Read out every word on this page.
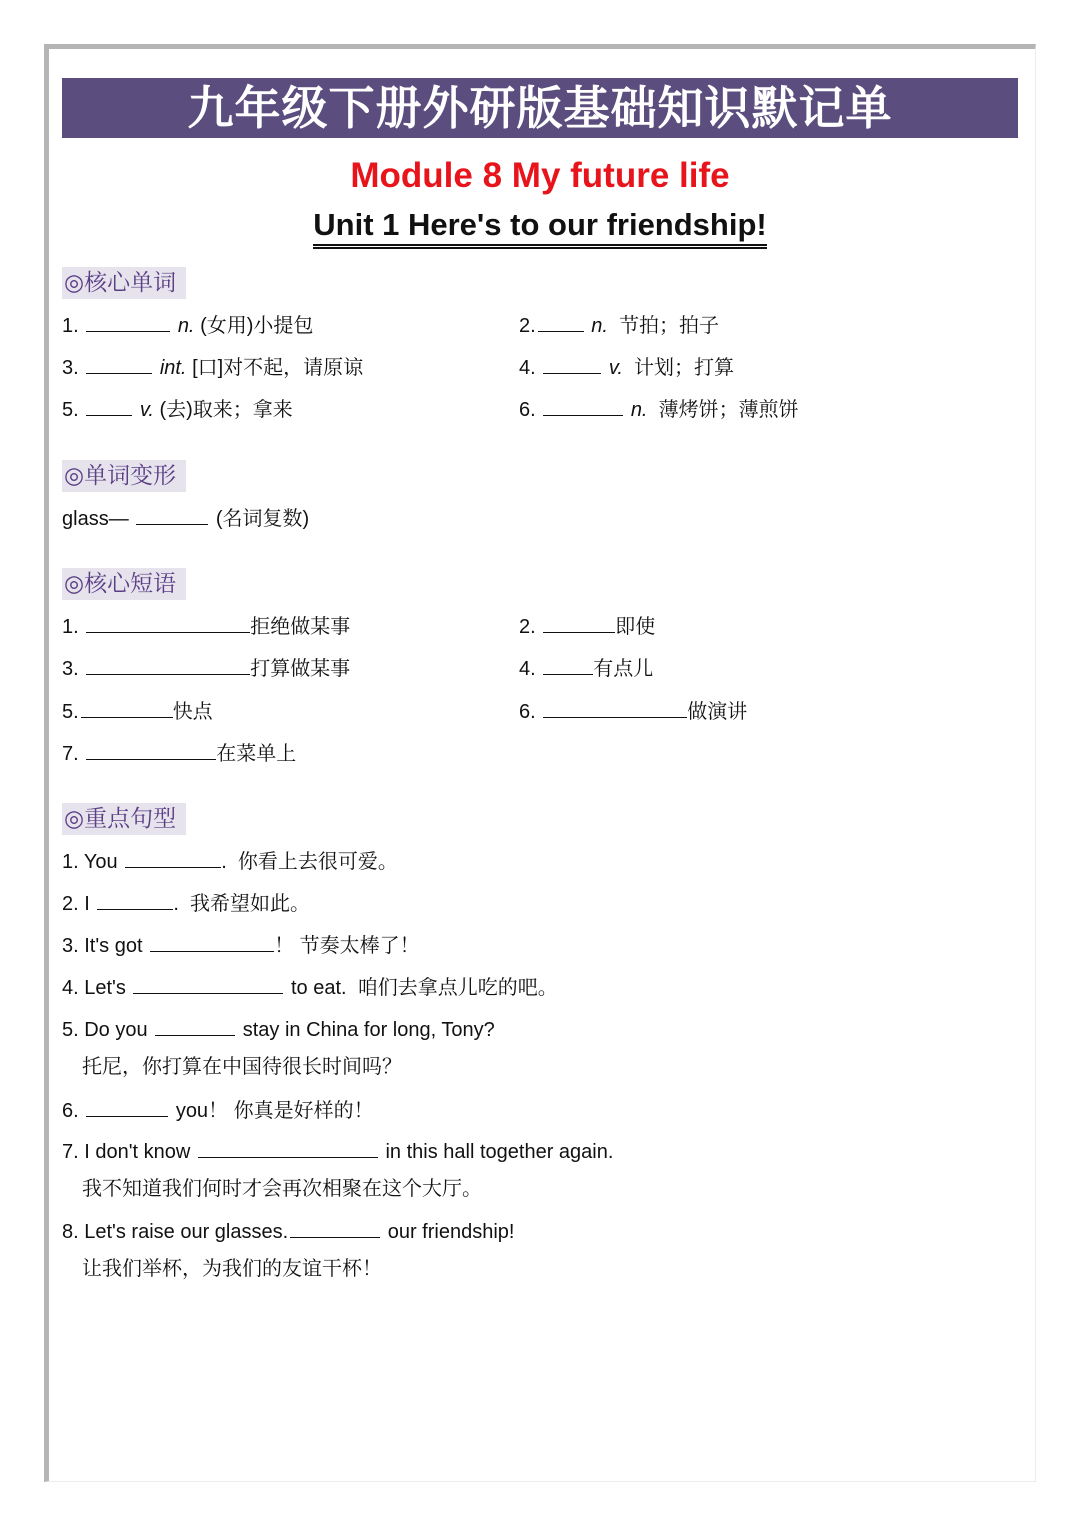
九年级下册外研版基础知识默记单
Module 8 My future life
Unit 1 Here's to our friendship!
◎核心单词
1.	n. (女用)小提包	2.	n. 节拍；拍子
3.	int. [口]对不起，请原谅	4.	v. 计划；打算
5.	v. (去)取来；拿来	6.	n. 薄烤饼；薄煎饼
◎单词变形
glass—	(名词复数)
◎核心短语
1.	拒绝做某事	2.	即使
3.	打算做某事	4.	有点儿
5.	快点	6.	做演讲
7.	在菜单上
◎重点句型
1. You	.  你看上去很可爱。
2. I	.  我希望如此。
3. It's got	！ 节奏太棒了！
4. Let's	to eat.  咱们去拿点儿吃的吧。
5. Do you	stay in China for long, Tony?
托尼，你打算在中国待很长时间吗？
6.	you！ 你真是好样的！
7. I don't know	in this hall together again.
我不知道我们何时才会再次相聚在这个大厅。
8. Let's raise our glasses.	our friendship!
让我们举杯，为我们的友谊干杯！
